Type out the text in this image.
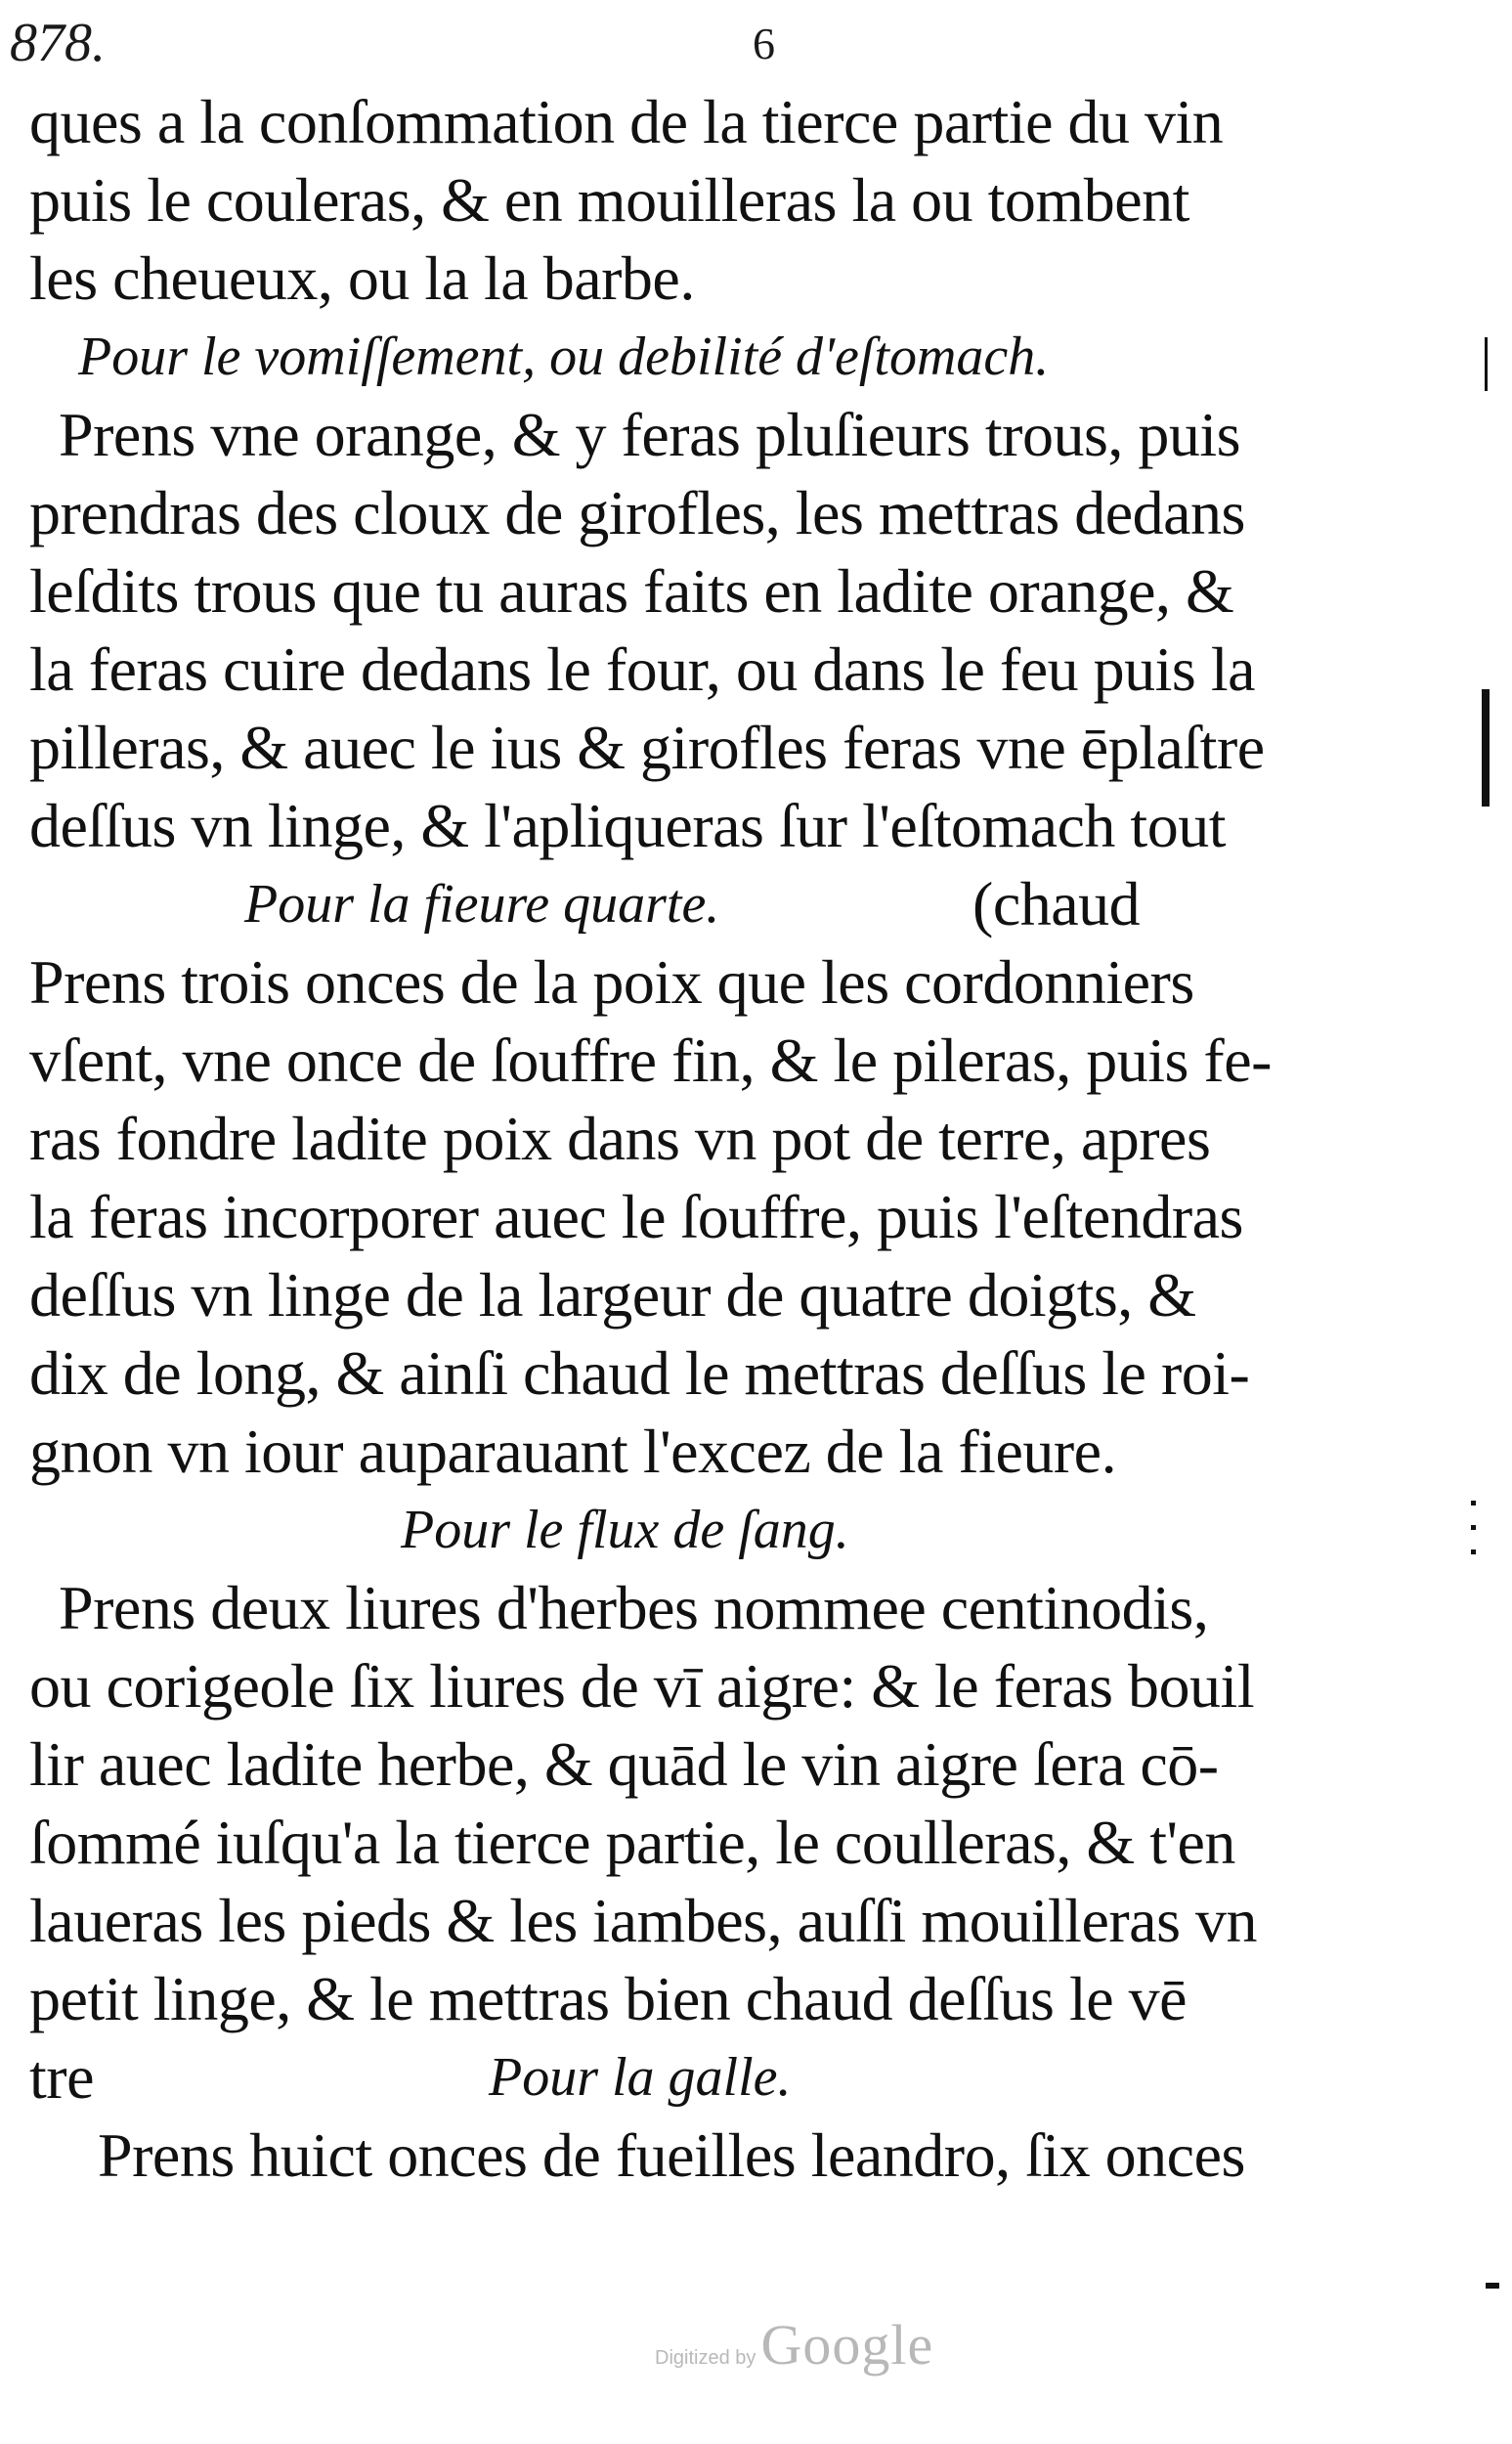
878.	6
ques a la conſommation de la tierce partie du vin
puis le couleras, & en mouilleras la ou tombent
les cheueux, ou la la barbe.
Pour le vomiſſement, ou debilité d'eſtomach.
Prens vne orange, & y feras pluſieurs trous, puis
prendras des cloux de girofles, les mettras dedans
leſdits trous que tu auras faits en ladite orange, &
la feras cuire dedans le four, ou dans le feu puis la
pilleras, & auec le ius & girofles feras vne ēplaſtre
deſſus vn linge, & l'apliqueras ſur l'eſtomach tout
Pour la fieure quarte.	(chaud
Prens trois onces de la poix que les cordonniers
vſent, vne once de ſouffre fin, & le pileras, puis fe-
ras fondre ladite poix dans vn pot de terre, apres
la feras incorporer auec le ſouffre, puis l'eſtendras
deſſus vn linge de la largeur de quatre doigts, &
dix de long, & ainſi chaud le mettras deſſus le roi-
gnon vn iour auparauant l'excez de la fieure.
Pour le flux de ſang.
Prens deux liures d'herbes nommee centinodis,
ou corigeole ſix liures de vī aigre: & le feras bouil
lir auec ladite herbe, & quād le vin aigre ſera cō-
ſommé iuſqu'a la tierce partie, le coulleras, & t'en
laueras les pieds & les iambes, auſſi mouilleras vn
petit linge, & le mettras bien chaud deſſus le vē
tre	Pour la galle.
Prens huict onces de fueilles leandro, ſix onces
Digitized by Google
